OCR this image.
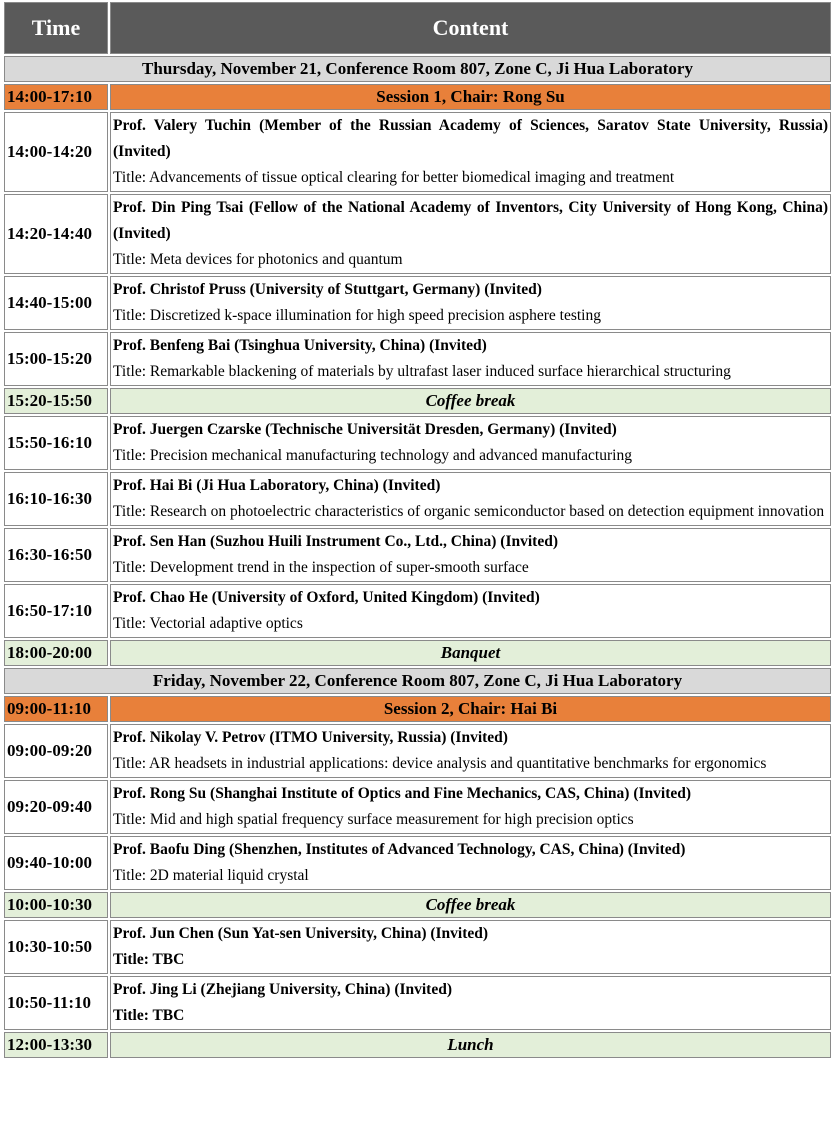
Time	Content
Thursday, November 21, Conference Room 807, Zone C, Ji Hua Laboratory	
14:00-17:10	Session 1, Chair: Rong Su
14:00-14:20	Prof. Valery Tuchin (Member of the Russian Academy of Sciences, Saratov State University, Russia) (Invited)
Title: Advancements of tissue optical clearing for better biomedical imaging and treatment

14:20-14:40	Prof. Din Ping Tsai (Fellow of the National Academy of Inventors, City University of Hong Kong, China) (Invited)
Title: Meta devices for photonics and quantum

14:40-15:00	Prof. Christof Pruss (University of Stuttgart, Germany) (Invited)
Title: Discretized k-space illumination for high speed precision asphere testing

15:00-15:20	Prof. Benfeng Bai (Tsinghua University, China) (Invited)
Title: Remarkable blackening of materials by ultrafast laser induced surface hierarchical structuring

15:20-15:50	Coffee break
15:50-16:10	Prof. Juergen Czarske (Technische Universität Dresden, Germany) (Invited)
Title: Precision mechanical manufacturing technology and advanced manufacturing

16:10-16:30	Prof. Hai Bi (Ji Hua Laboratory, China) (Invited)
Title: Research on photoelectric characteristics of organic semiconductor based on detection equipment innovation

16:30-16:50	Prof. Sen Han (Suzhou Huili Instrument Co., Ltd., China) (Invited)
Title: Development trend in the inspection of super-smooth surface

16:50-17:10	Prof. Chao He (University of Oxford, United Kingdom) (Invited)
Title: Vectorial adaptive optics

18:00-20:00	Banquet
Friday, November 22, Conference Room 807, Zone C, Ji Hua Laboratory	
09:00-11:10	Session 2, Chair: Hai Bi
09:00-09:20	Prof. Nikolay V. Petrov (ITMO University, Russia) (Invited)
Title: AR headsets in industrial applications: device analysis and quantitative benchmarks for ergonomics

09:20-09:40	Prof. Rong Su (Shanghai Institute of Optics and Fine Mechanics, CAS, China) (Invited)
Title: Mid and high spatial frequency surface measurement for high precision optics

09:40-10:00	Prof. Baofu Ding (Shenzhen, Institutes of Advanced Technology, CAS, China) (Invited)
Title: 2D material liquid crystal

10:00-10:30	Coffee break
10:30-10:50	Prof. Jun Chen (Sun Yat-sen University, China) (Invited)
Title: TBC

10:50-11:10	Prof. Jing Li (Zhejiang University, China) (Invited)
Title: TBC

12:00-13:30	Lunch
